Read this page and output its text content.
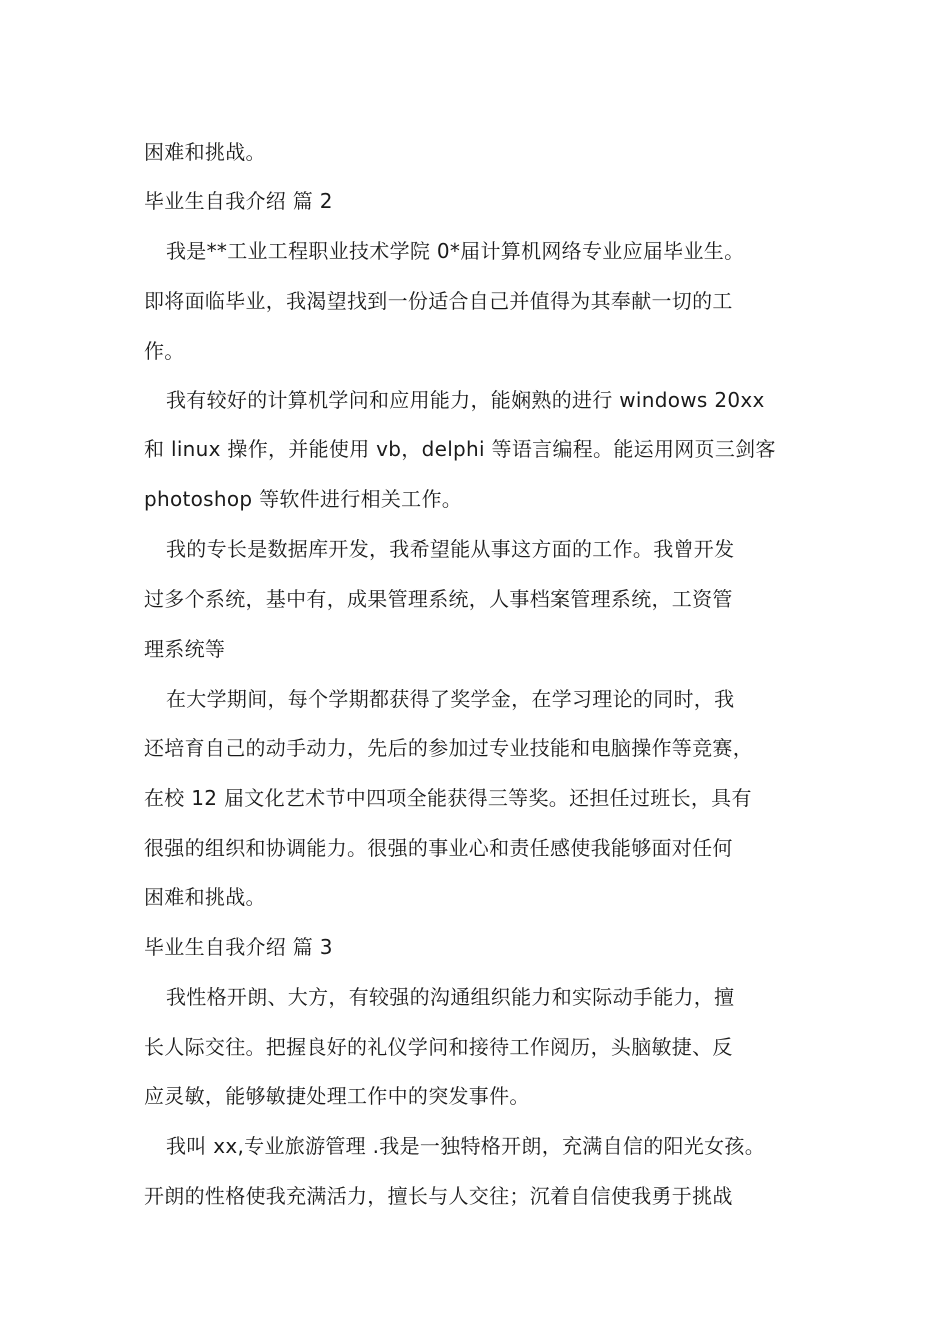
困难和挑战。
毕业生自我介绍 篇 2
我是**工业工程职业技术学院 0*届计算机网络专业应届毕业生。
即将面临毕业，我渴望找到一份适合自己并值得为其奉献一切的工
作。
我有较好的计算机学问和应用能力，能娴熟的进行 windows 20xx
和 linux 操作，并能使用 vb，delphi 等语言编程。能运用网页三剑客
photoshop 等软件进行相关工作。
我的专长是数据库开发，我希望能从事这方面的工作。我曾开发
过多个系统，基中有，成果管理系统，人事档案管理系统，工资管
理系统等
在大学期间，每个学期都获得了奖学金，在学习理论的同时，我
还培育自己的动手动力，先后的参加过专业技能和电脑操作等竞赛，
在校 12 届文化艺术节中四项全能获得三等奖。还担任过班长，具有
很强的组织和协调能力。很强的事业心和责任感使我能够面对任何
困难和挑战。
毕业生自我介绍 篇 3
我性格开朗、大方，有较强的沟通组织能力和实际动手能力，擅
长人际交往。把握良好的礼仪学问和接待工作阅历，头脑敏捷、反
应灵敏，能够敏捷处理工作中的突发事件。
我叫 xx,专业旅游管理 .我是一独特格开朗，充满自信的阳光女孩。
开朗的性格使我充满活力，擅长与人交往；沉着自信使我勇于挑战
